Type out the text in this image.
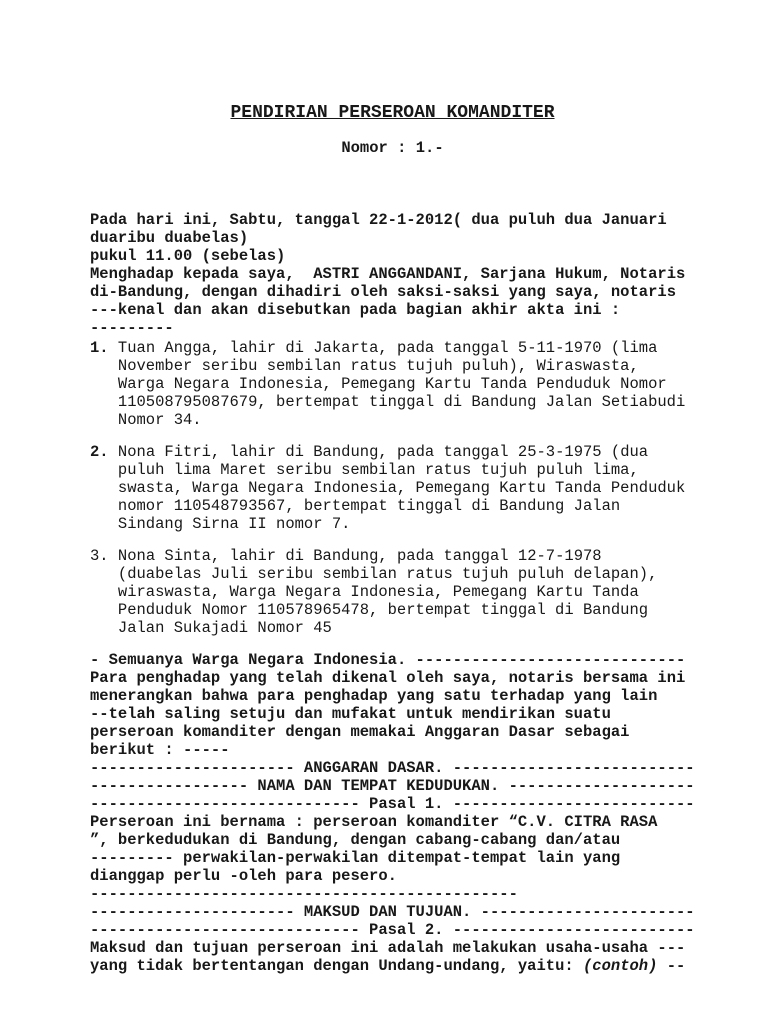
PENDIRIAN PERSEROAN KOMANDITER
Nomor : 1.-
Pada hari ini, Sabtu, tanggal 22-1-2012( dua puluh dua Januari
duaribu duabelas)
pukul 11.00 (sebelas)
Menghadap kepada saya,  ASTRI ANGGANDANI, Sarjana Hukum, Notaris
di-Bandung, dengan dihadiri oleh saksi-saksi yang saya, notaris
---kenal dan akan disebutkan pada bagian akhir akta ini :
---------
1. Tuan Angga, lahir di Jakarta, pada tanggal 5-11-1970 (lima
November seribu sembilan ratus tujuh puluh), Wiraswasta,
Warga Negara Indonesia, Pemegang Kartu Tanda Penduduk Nomor
110508795087679, bertempat tinggal di Bandung Jalan Setiabudi
Nomor 34.
2. Nona Fitri, lahir di Bandung, pada tanggal 25-3-1975 (dua
puluh lima Maret seribu sembilan ratus tujuh puluh lima,
swasta, Warga Negara Indonesia, Pemegang Kartu Tanda Penduduk
nomor 110548793567, bertempat tinggal di Bandung Jalan
Sindang Sirna II nomor 7.
3. Nona Sinta, lahir di Bandung, pada tanggal 12-7-1978
(duabelas Juli seribu sembilan ratus tujuh puluh delapan),
wiraswasta, Warga Negara Indonesia, Pemegang Kartu Tanda
Penduduk Nomor 110578965478, bertempat tinggal di Bandung
Jalan Sukajadi Nomor 45
- Semuanya Warga Negara Indonesia. -----------------------------
Para penghadap yang telah dikenal oleh saya, notaris bersama ini
menerangkan bahwa para penghadap yang satu terhadap yang lain
--telah saling setuju dan mufakat untuk mendirikan suatu
perseroan komanditer dengan memakai Anggaran Dasar sebagai
berikut : -----
---------------------- ANGGARAN DASAR. --------------------------
----------------- NAMA DAN TEMPAT KEDUDUKAN. --------------------
----------------------------- Pasal 1. --------------------------
Perseroan ini bernama : perseroan komanditer “C.V. CITRA RASA
”, berkedudukan di Bandung, dengan cabang-cabang dan/atau
--------- perwakilan-perwakilan ditempat-tempat lain yang
dianggap perlu -oleh para pesero.
----------------------------------------------
---------------------- MAKSUD DAN TUJUAN. -----------------------
----------------------------- Pasal 2. --------------------------
Maksud dan tujuan perseroan ini adalah melakukan usaha-usaha ---
yang tidak bertentangan dengan Undang-undang, yaitu: (contoh) --
